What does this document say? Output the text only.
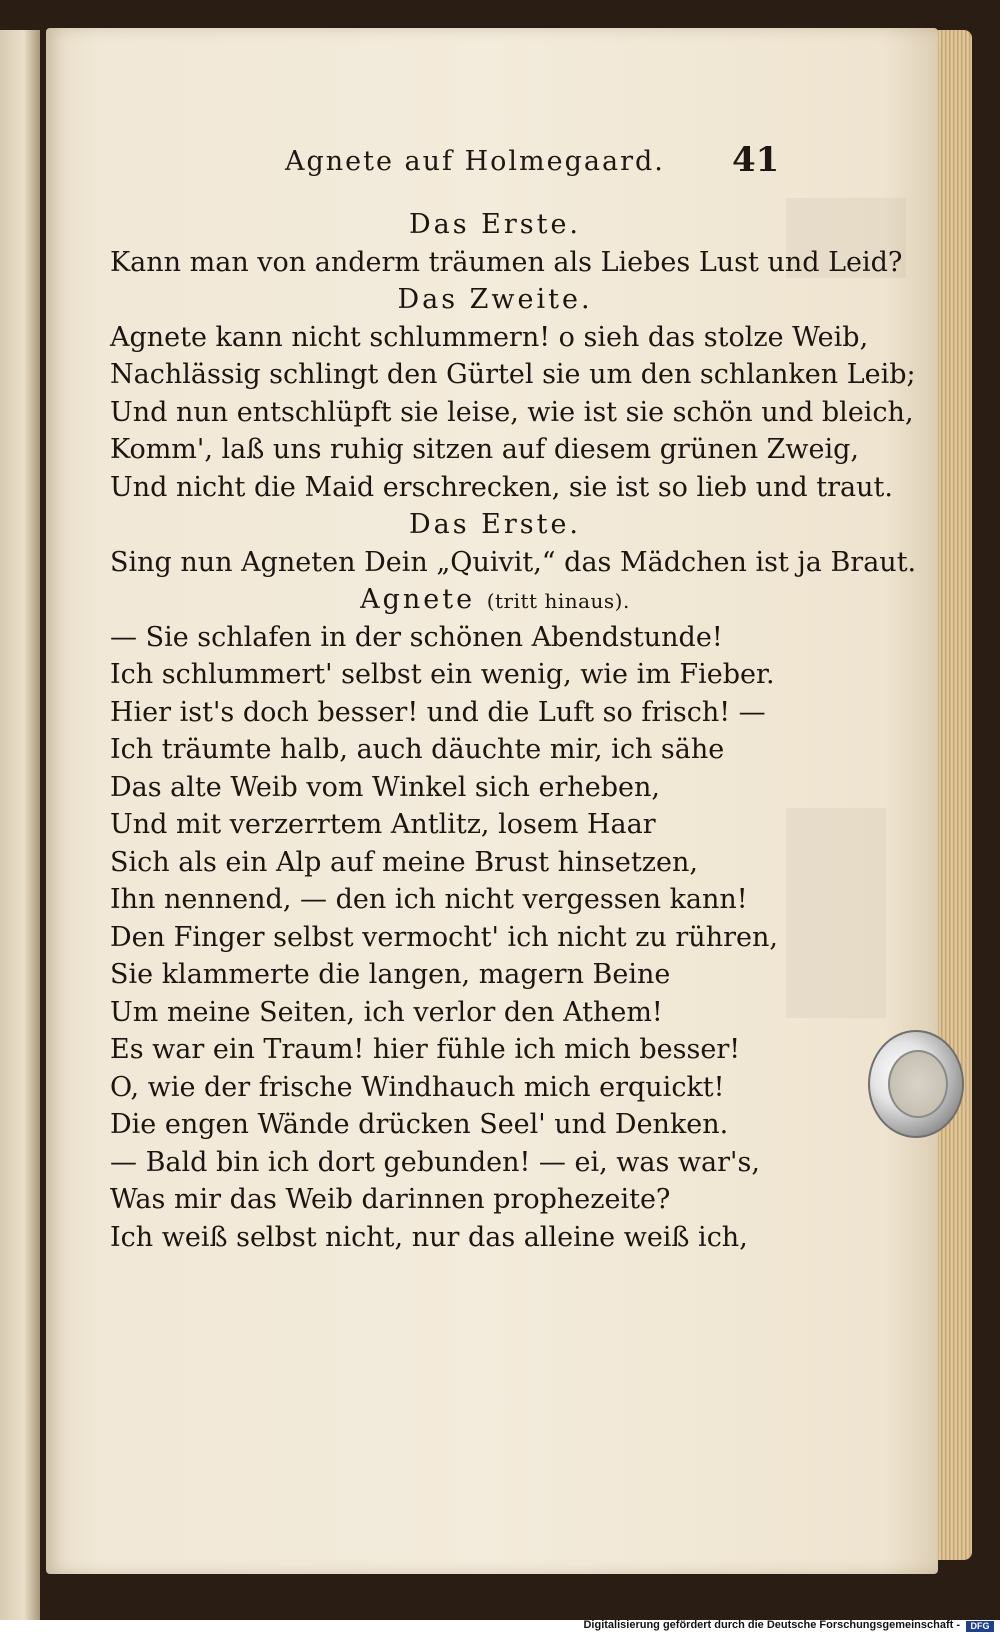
Agnete auf Holmegaard. 41
Das Erste.
Kann man von anderm träumen als Liebes Lust und Leid?
Das Zweite.
Agnete kann nicht schlummern! o sieh das stolze Weib,
Nachlässig schlingt den Gürtel sie um den schlanken Leib;
Und nun entschlüpft sie leise, wie ist sie schön und bleich,
Komm', laß uns ruhig sitzen auf diesem grünen Zweig,
Und nicht die Maid erschrecken, sie ist so lieb und traut.
Das Erste.
Sing nun Agneten Dein „Quivit,“ das Mädchen ist ja Braut.
Agnete (tritt hinaus).
— Sie schlafen in der schönen Abendstunde!
Ich schlummert' selbst ein wenig, wie im Fieber.
Hier ist's doch besser! und die Luft so frisch! —
Ich träumte halb, auch däuchte mir, ich sähe
Das alte Weib vom Winkel sich erheben,
Und mit verzerrtem Antlitz, losem Haar
Sich als ein Alp auf meine Brust hinsetzen,
Ihn nennend, — den ich nicht vergessen kann!
Den Finger selbst vermocht' ich nicht zu rühren,
Sie klammerte die langen, magern Beine
Um meine Seiten, ich verlor den Athem!
Es war ein Traum! hier fühle ich mich besser!
O, wie der frische Windhauch mich erquickt!
Die engen Wände drücken Seel' und Denken.
— Bald bin ich dort gebunden! — ei, was war's,
Was mir das Weib darinnen prophezeite?
Ich weiß selbst nicht, nur das alleine weiß ich,
Digitalisierung gefördert durch die Deutsche Forschungsgemeinschaft -	DFG
